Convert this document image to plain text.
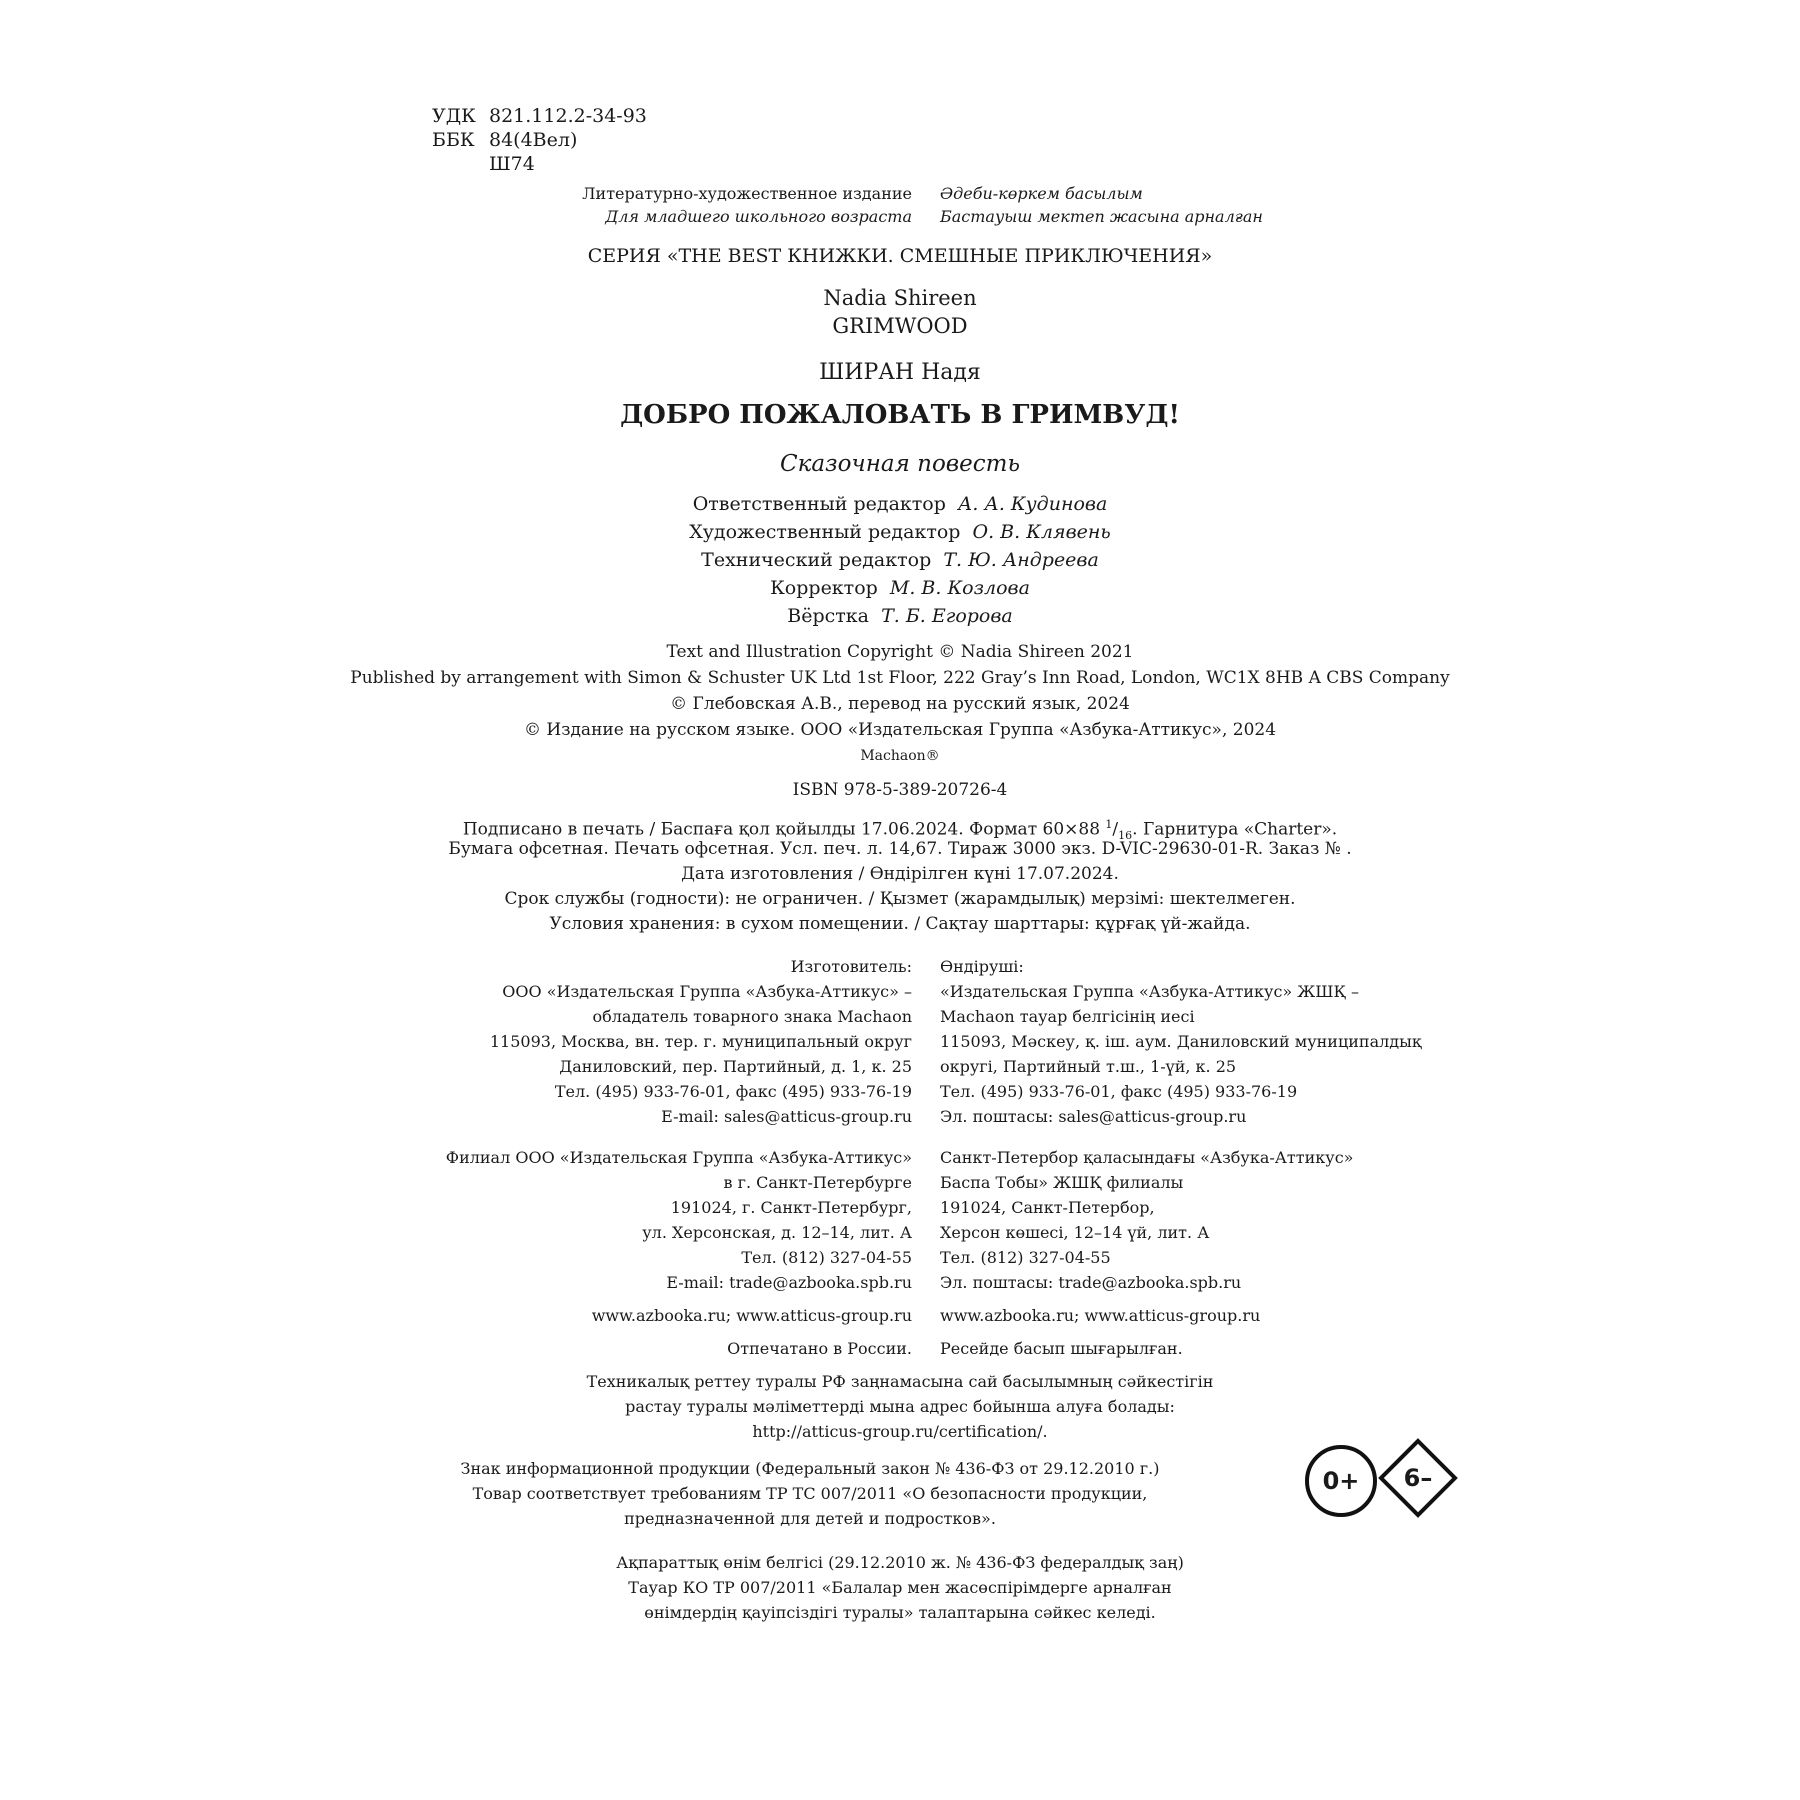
УДК 821.112.2-34-93
ББК 84(4Вел)
Ш74
Литературно-художественное издание
Для младшего школьного возраста
Әдеби-көркем басылым
Бастауыш мектеп жасына арналған
СЕРИЯ «THE BEST КНИЖКИ. СМЕШНЫЕ ПРИКЛЮЧЕНИЯ»
Nadia Shireen
GRIMWOOD
ШИРАН Надя
ДОБРО ПОЖАЛОВАТЬ В ГРИМВУД!
Сказочная повесть
Ответственный редактор А. А. Кудинова
Художественный редактор О. В. Клявень
Технический редактор Т. Ю. Андреева
Корректор М. В. Козлова
Вёрстка Т. Б. Егорова
Text and Illustration Copyright © Nadia Shireen 2021
Published by arrangement with Simon & Schuster UK Ltd 1st Floor, 222 Gray’s Inn Road, London, WC1X 8HB A CBS Company
© Глебовская А.В., перевод на русский язык, 2024
© Издание на русском языке. ООО «Издательская Группа «Азбука-Аттикус», 2024
Machaon®
ISBN 978-5-389-20726-4
Подписано в печать / Баспаға қол қойылды 17.06.2024. Формат 60×88 $^1/_{16}$. Гарнитура «Charter».
Бумага офсетная. Печать офсетная. Усл. печ. л. 14,67. Тираж 3000 экз. D-VIC-29630-01-R. Заказ № .
Дата изготовления / Өндірілген күні 17.07.2024.
Срок службы (годности): не ограничен. / Қызмет (жарамдылық) мерзімі: шектелмеген.
Условия хранения: в сухом помещении. / Сақтау шарттары: құрғақ үй-жайда.
Изготовитель:
ООО «Издательская Группа «Азбука-Аттикус» –
обладатель товарного знака Machaon
115093, Москва, вн. тер. г. муниципальный округ
Даниловский, пер. Партийный, д. 1, к. 25
Тел. (495) 933-76-01, факс (495) 933-76-19
E-mail: sales@atticus-group.ru
Өндіруші:
«Издательская Группа «Азбука-Аттикус» ЖШҚ –
Machaon тауар белгісінің иесі
115093, Мәскеу, қ. іш. аум. Даниловский муниципалдық
округі, Партийный т.ш., 1-үй, к. 25
Тел. (495) 933-76-01, факс (495) 933-76-19
Эл. поштасы: sales@atticus-group.ru
Филиал ООО «Издательская Группа «Азбука-Аттикус»
в г. Санкт-Петербурге
191024, г. Санкт-Петербург,
ул. Херсонская, д. 12–14, лит. А
Тел. (812) 327-04-55
E-mail: trade@azbooka.spb.ru
Санкт-Петербор қаласындағы «Азбука-Аттикус»
Баспа Тобы» ЖШҚ филиалы
191024, Санкт-Петербор,
Херсон көшесі, 12–14 үй, лит. А
Тел. (812) 327-04-55
Эл. поштасы: trade@azbooka.spb.ru
www.azbooka.ru; www.atticus-group.ru www.azbooka.ru; www.atticus-group.ru
Отпечатано в России. Ресейде басып шығарылған.
Техникалық реттеу туралы РФ заңнамасына сай басылымның сәйкестігін
растау туралы мәліметтерді мына адрес бойынша алуға болады:
http://atticus-group.ru/certification/.
Знак информационной продукции (Федеральный закон № 436-ФЗ от 29.12.2010 г.)
Товар соответствует требованиям ТР ТС 007/2011 «О безопасности продукции,
предназначенной для детей и подростков».
0+	6–
Ақпараттық өнім белгісі (29.12.2010 ж. № 436-ФЗ федералдық заң)
Тауар КО ТР 007/2011 «Балалар мен жасөспірімдерге арналған
өнімдердің қауіпсіздігі туралы» талаптарына сәйкес келеді.
